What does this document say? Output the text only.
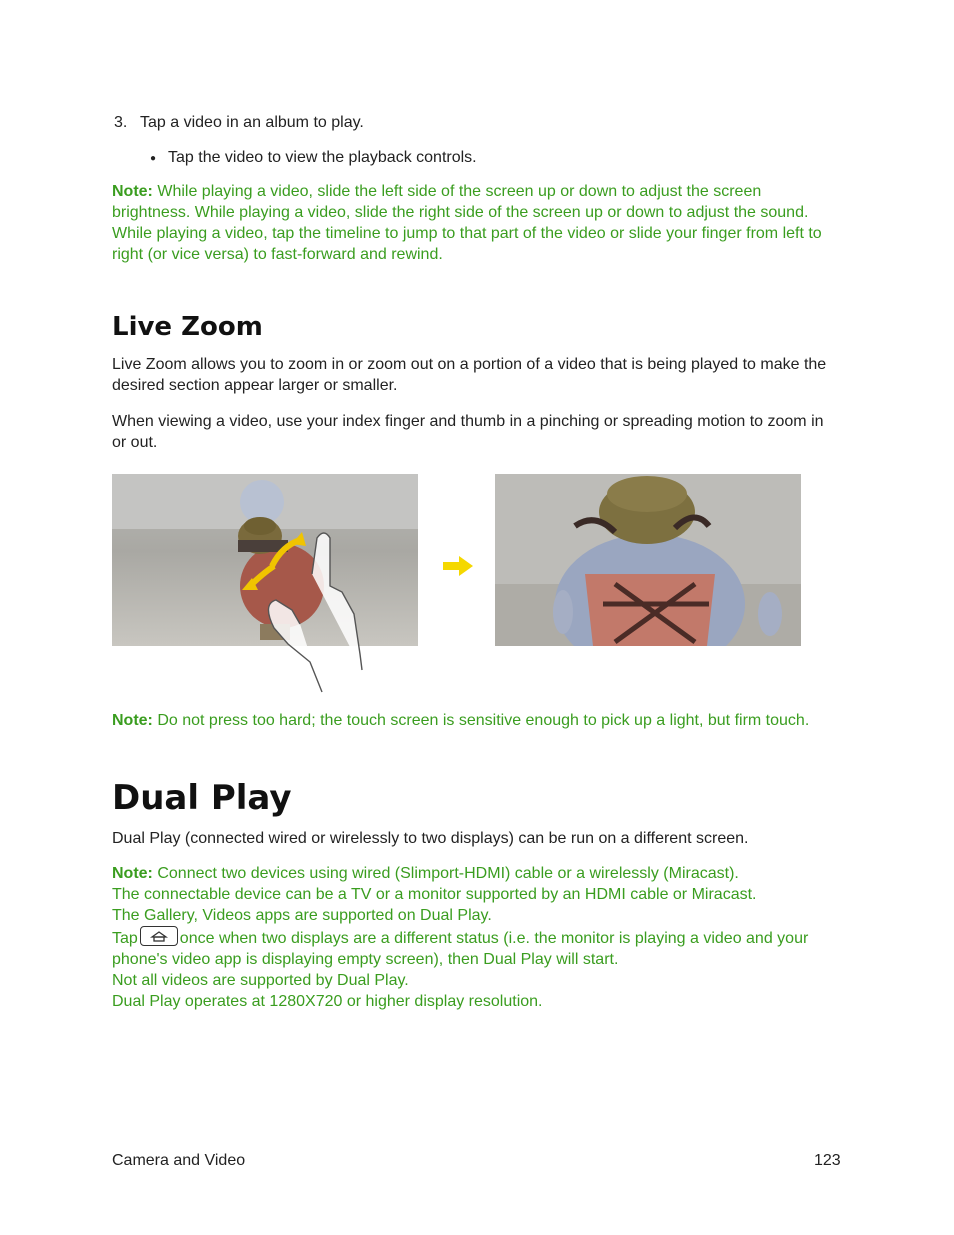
3. Tap a video in an album to play.
● Tap the video to view the playback controls.
Note: While playing a video, slide the left side of the screen up or down to adjust the screen brightness. While playing a video, slide the right side of the screen up or down to adjust the sound. While playing a video, tap the timeline to jump to that part of the video or slide your finger from left to right (or vice versa) to fast-forward and rewind.
Live Zoom
Live Zoom allows you to zoom in or zoom out on a portion of a video that is being played to make the desired section appear larger or smaller.
When viewing a video, use your index finger and thumb in a pinching or spreading motion to zoom in or out.
Note: Do not press too hard; the touch screen is sensitive enough to pick up a light, but firm touch.
Dual Play
Dual Play (connected wired or wirelessly to two displays) can be run on a different screen.
Note: Connect two devices using wired (Slimport-HDMI) cable or a wirelessly (Miracast).
The connectable device can be a TV or a monitor supported by an HDMI cable or Miracast.
The Gallery, Videos apps are supported on Dual Play.
Tap	once when two displays are a different status (i.e. the monitor is playing a video and your phone's video app is displaying empty screen), then Dual Play will start.
Not all videos are supported by Dual Play.
Dual Play operates at 1280X720 or higher display resolution.
Camera and Video	123
